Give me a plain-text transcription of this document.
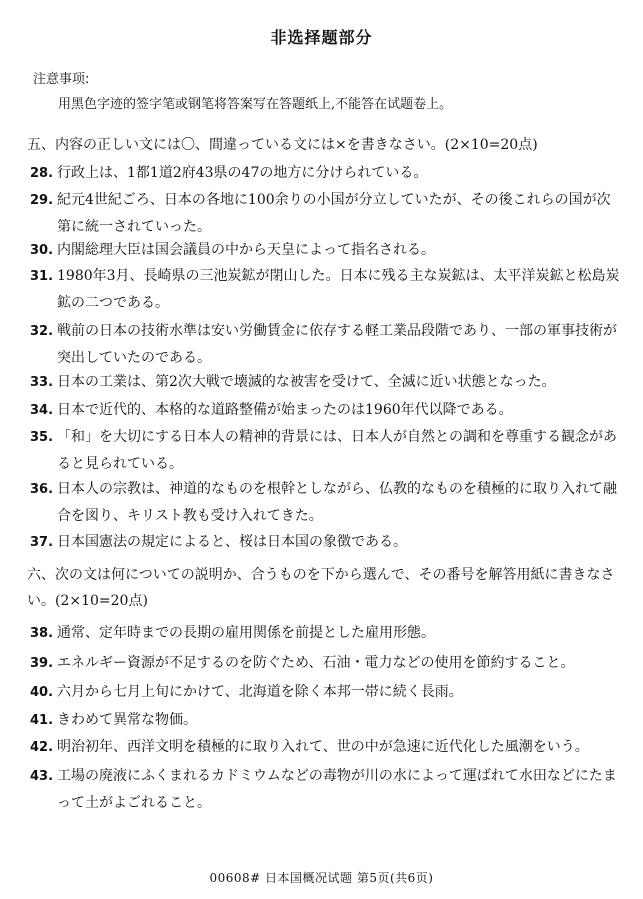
非选择题部分
注意事项:
用黑色字迹的签字笔或钢笔将答案写在答题纸上,不能答在试题卷上。
五、内容の正しい文には〇、間違っている文には×を書きなさい。(2×10=20点)
28. 行政上は、1都1道2府43県の47の地方に分けられている。
29. 紀元4世紀ごろ、日本の各地に100余りの小国が分立していたが、その後これらの国が次第に統一されていった。
30. 内閣総理大臣は国会議員の中から天皇によって指名される。
31. 1980年3月、長崎県の三池炭鉱が閉山した。日本に残る主な炭鉱は、太平洋炭鉱と松島炭鉱の二つである。
32. 戦前の日本の技術水準は安い労働賃金に依存する軽工業品段階であり、一部の軍事技術が突出していたのである。
33. 日本の工業は、第2次大戦で壊滅的な被害を受けて、全滅に近い状態となった。
34. 日本で近代的、本格的な道路整備が始まったのは1960年代以降である。
35. 「和」を大切にする日本人の精神的背景には、日本人が自然との調和を尊重する観念があると見られている。
36. 日本人の宗教は、神道的なものを根幹としながら、仏教的なものを積極的に取り入れて融合を図り、キリスト教も受け入れてきた。
37. 日本国憲法の規定によると、桜は日本国の象徴である。
六、次の文は何についての説明か、合うものを下から選んで、その番号を解答用紙に書きなさい。(2×10=20点)
38. 通常、定年時までの長期の雇用関係を前提とした雇用形態。
39. エネルギー資源が不足するのを防ぐため、石油・電力などの使用を節約すること。
40. 六月から七月上旬にかけて、北海道を除く本邦一帯に続く長雨。
41. きわめて異常な物価。
42. 明治初年、西洋文明を積極的に取り入れて、世の中が急速に近代化した風潮をいう。
43. 工場の廃液にふくまれるカドミウムなどの毒物が川の水によって運ばれて水田などにたまって土がよごれること。
00608# 日本国概况试题 第5页(共6页)
